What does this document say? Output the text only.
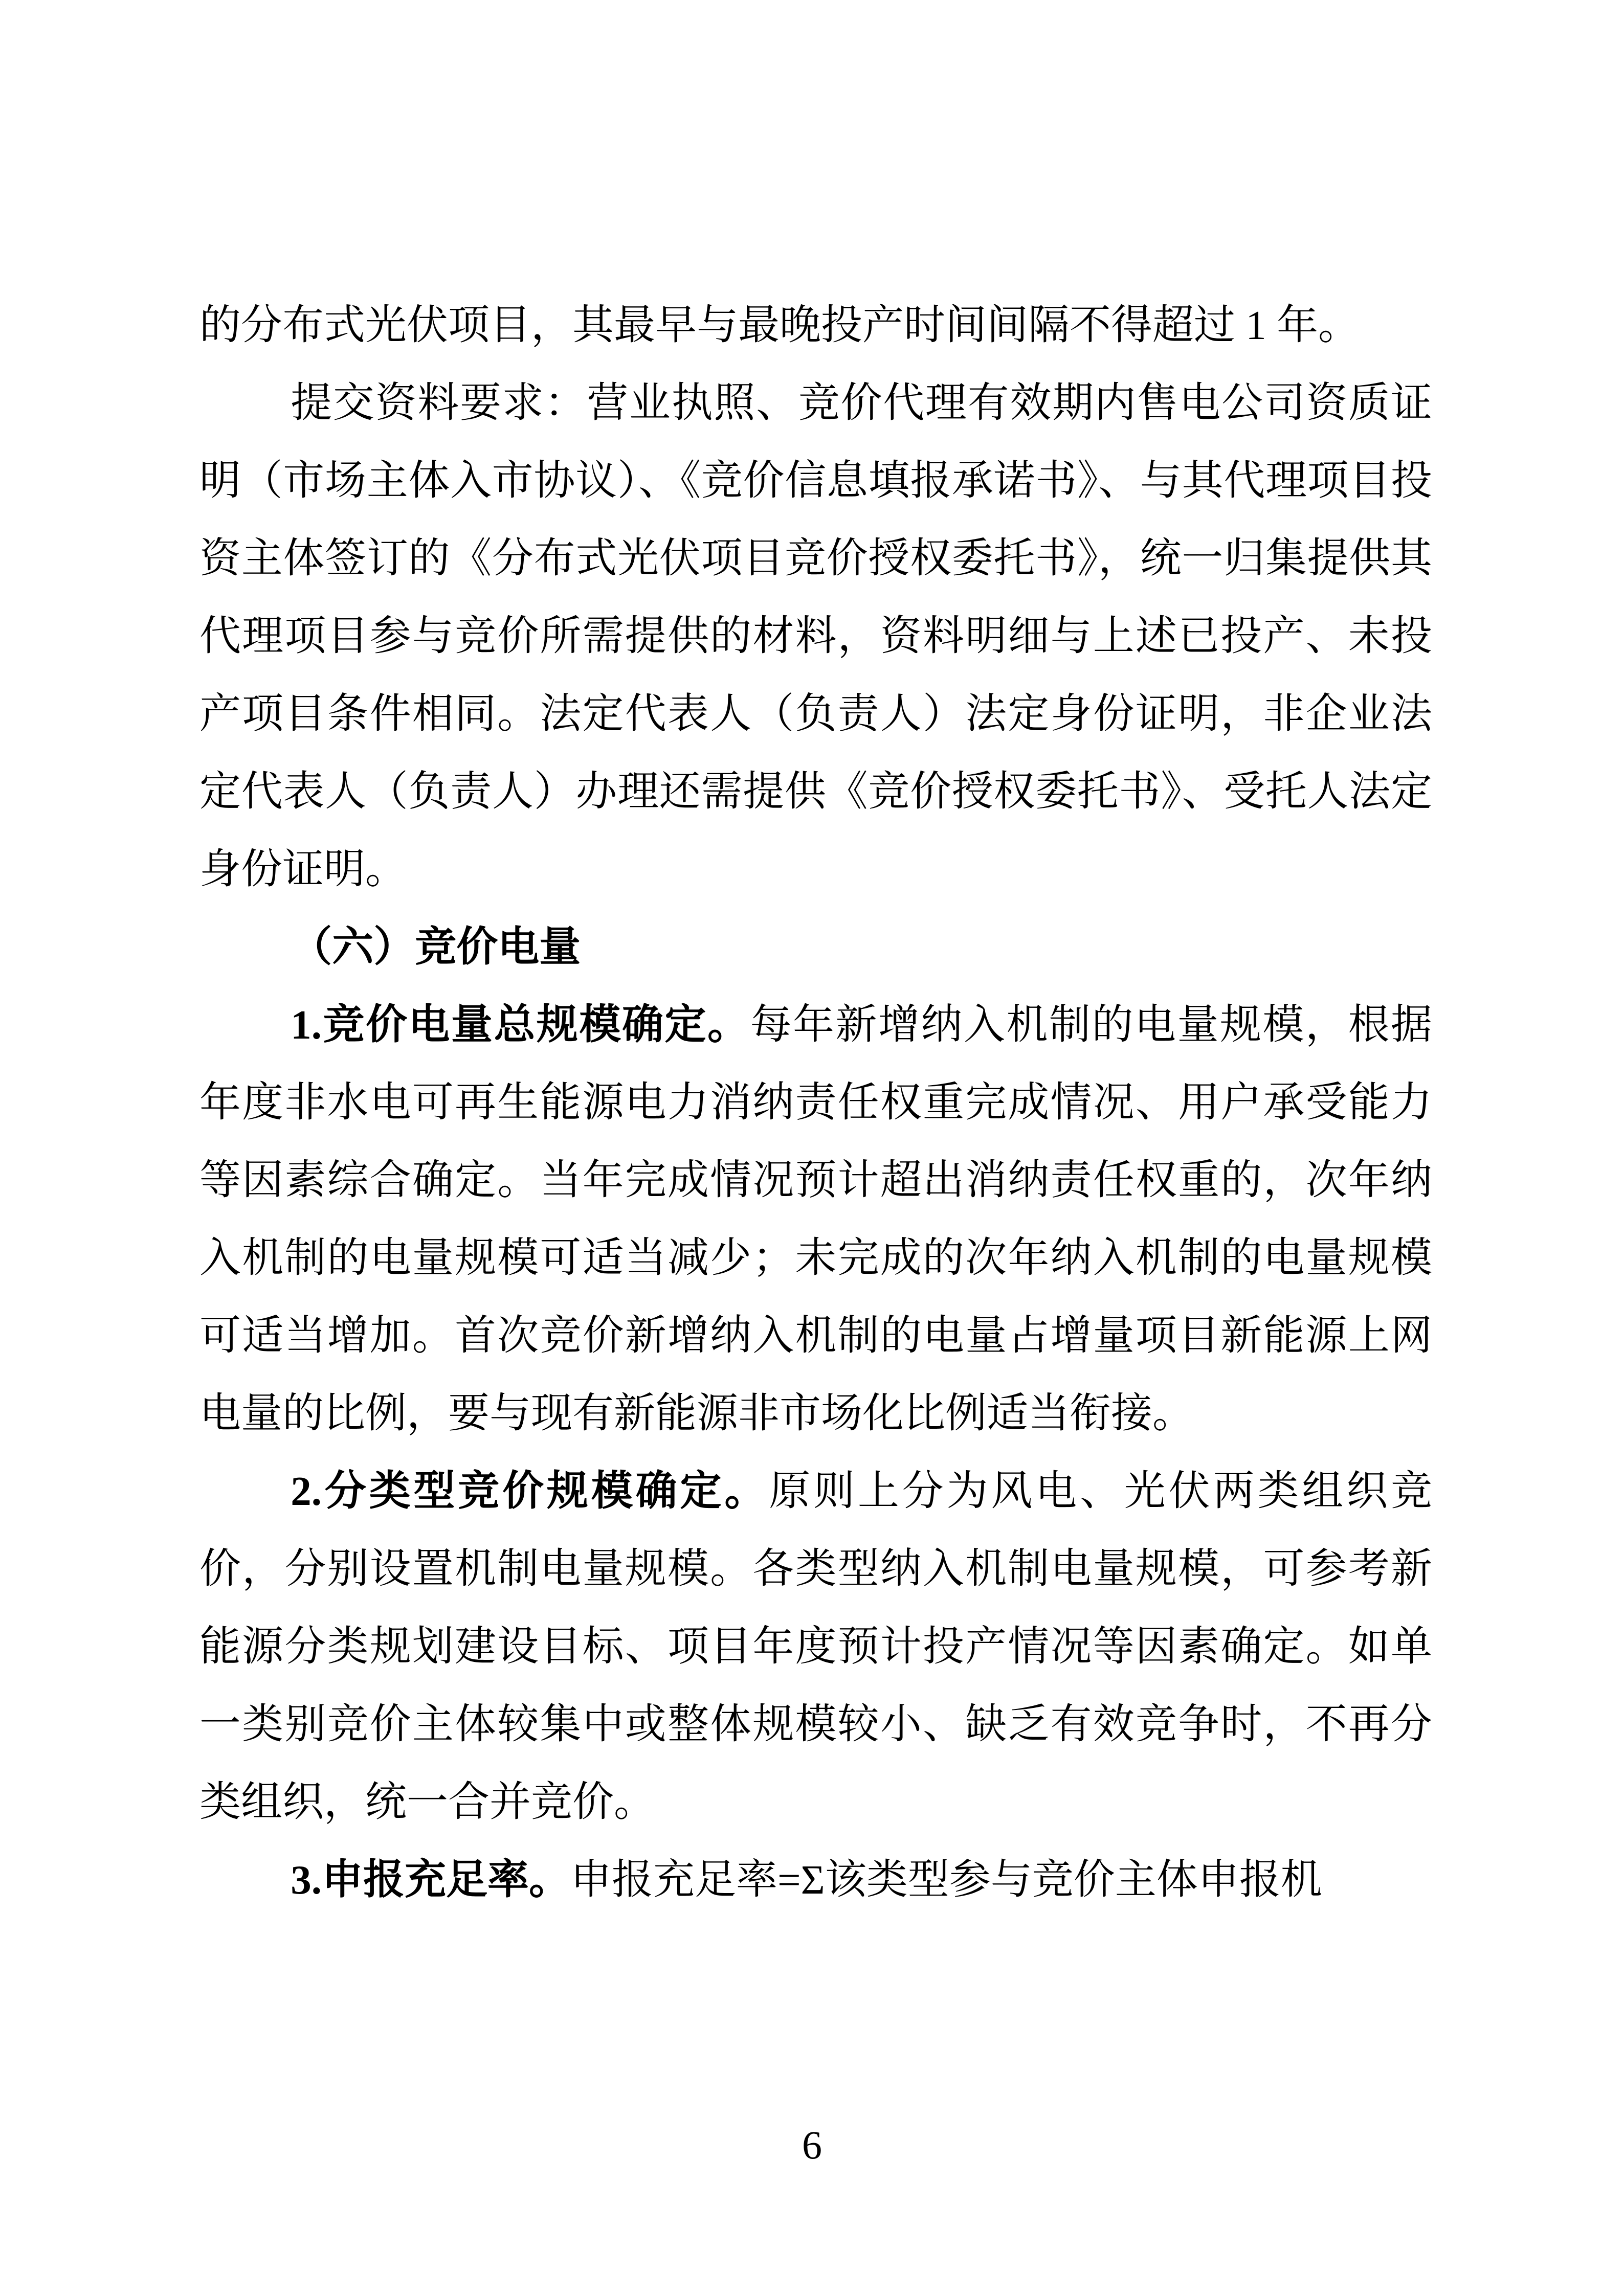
的分布式光伏项目，其最早与最晚投产时间间隔不得超过 1 年。

提交资料要求：营业执照、竞价代理有效期内售电公司资质证明（市场主体入市协议）、《竞价信息填报承诺书》、与其代理项目投资主体签订的《分布式光伏项目竞价授权委托书》，统一归集提供其代理项目参与竞价所需提供的材料，资料明细与上述已投产、未投产项目条件相同。法定代表人（负责人）法定身份证明，非企业法定代表人（负责人）办理还需提供《竞价授权委托书》、受托人法定身份证明。

（六）竞价电量

1.竞价电量总规模确定。每年新增纳入机制的电量规模，根据年度非水电可再生能源电力消纳责任权重完成情况、用户承受能力等因素综合确定。当年完成情况预计超出消纳责任权重的，次年纳入机制的电量规模可适当减少；未完成的次年纳入机制的电量规模可适当增加。首次竞价新增纳入机制的电量占增量项目新能源上网电量的比例，要与现有新能源非市场化比例适当衔接。

2.分类型竞价规模确定。原则上分为风电、光伏两类组织竞价，分别设置机制电量规模。各类型纳入机制电量规模，可参考新能源分类规划建设目标、项目年度预计投产情况等因素确定。如单一类别竞价主体较集中或整体规模较小、缺乏有效竞争时，不再分类组织，统一合并竞价。

3.申报充足率。申报充足率=Σ该类型参与竞价主体申报机

6
